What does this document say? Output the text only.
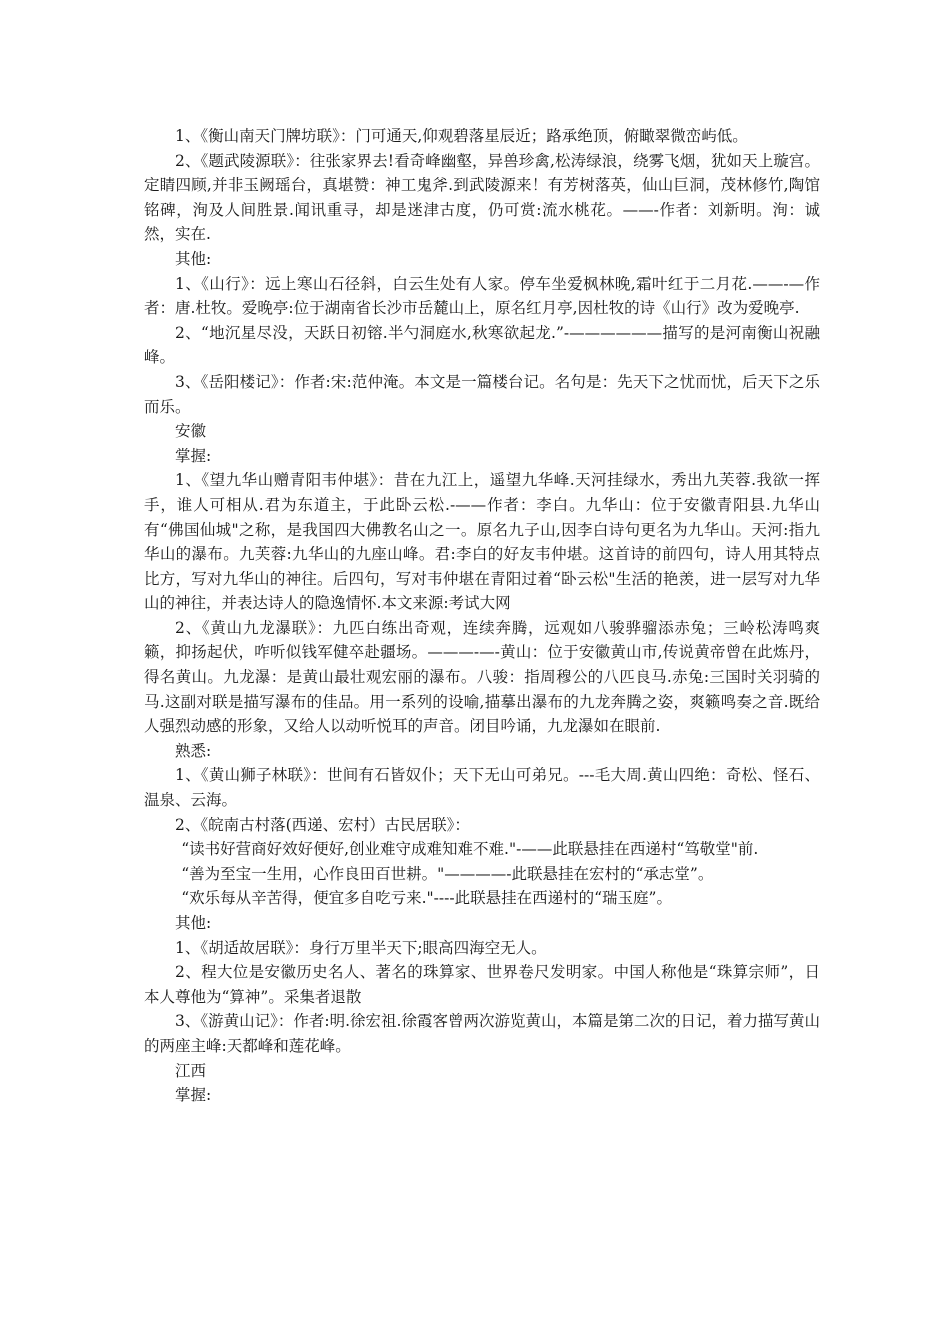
1、《衡山南天门牌坊联》：门可通天,仰观碧落星辰近；路承绝顶，俯瞰翠微峦屿低。

2、《题武陵源联》：往张家界去!看奇峰幽壑，异兽珍禽,松涛绿浪，绕雾飞烟，犹如天上璇宫。定睛四顾,并非玉阙瑶台，真堪赞：神工鬼斧.到武陵源来！有芳树落英，仙山巨洞，茂林修竹,陶馆铭碑，洵及人间胜景.闻讯重寻，却是迷津古度，仍可赏:流水桃花。——-作者：刘新明。洵：诚然，实在.

其他:

1、《山行》：远上寒山石径斜，白云生处有人家。停车坐爱枫林晚,霜叶红于二月花.——-—作者：唐.杜牧。爱晚亭:位于湖南省长沙市岳麓山上，原名红月亭,因杜牧的诗《山行》改为爱晚亭.

2、“地沉星尽没，天跃日初镕.半勺洞庭水,秋寒欲起龙.”-——————描写的是河南衡山祝融峰。

3、《岳阳楼记》：作者:宋:范仲淹。本文是一篇楼台记。名句是：先天下之忧而忧，后天下之乐而乐。

安徽

掌握:

1、《望九华山赠青阳韦仲堪》：昔在九江上，遥望九华峰.天河挂绿水，秀出九芙蓉.我欲一挥手，谁人可相从.君为东道主，于此卧云松.-——作者：李白。九华山：位于安徽青阳县.九华山有“佛国仙城"之称，是我国四大佛教名山之一。原名九子山,因李白诗句更名为九华山。天河:指九华山的瀑布。九芙蓉:九华山的九座山峰。君:李白的好友韦仲堪。这首诗的前四句，诗人用其特点比方，写对九华山的神往。后四句，写对韦仲堪在青阳过着“卧云松"生活的艳羡，进一层写对九华山的神往，并表达诗人的隐逸情怀.本文来源:考试大网

2、《黄山九龙瀑联》：九匹白练出奇观，连续奔腾，远观如八骏骅骝添赤兔；三岭松涛鸣爽籁，抑扬起伏，咋听似钱军健卒赴疆场。———-—-黄山：位于安徽黄山市,传说黄帝曾在此炼丹，得名黄山。九龙瀑：是黄山最壮观宏丽的瀑布。八骏：指周穆公的八匹良马.赤兔:三国时关羽骑的马.这副对联是描写瀑布的佳品。用一系列的设喻,描摹出瀑布的九龙奔腾之姿，爽籁鸣奏之音.既给人强烈动感的形象，又给人以动听悦耳的声音。闭目吟诵，九龙瀑如在眼前.

熟悉:

1、《黄山狮子林联》：世间有石皆奴仆；天下无山可弟兄。---毛大周.黄山四绝：奇松、怪石、温泉、云海。

2、《皖南古村落(西递、宏村）古民居联》：

“读书好营商好效好便好,创业难守成难知难不难."-——此联悬挂在西递村“笃敬堂"前.

“善为至宝一生用，心作良田百世耕。"————-此联悬挂在宏村的“承志堂”。

“欢乐每从辛苦得，便宜多自吃亏来."----此联悬挂在西递村的“瑞玉庭”。

其他:

1、《胡适故居联》：身行万里半天下;眼高四海空无人。

2、程大位是安徽历史名人、著名的珠算家、世界卷尺发明家。中国人称他是“珠算宗师”，日本人尊他为“算神”。采集者退散

3、《游黄山记》：作者:明.徐宏祖.徐霞客曾两次游览黄山，本篇是第二次的日记，着力描写黄山的两座主峰:天都峰和莲花峰。

江西

掌握:
